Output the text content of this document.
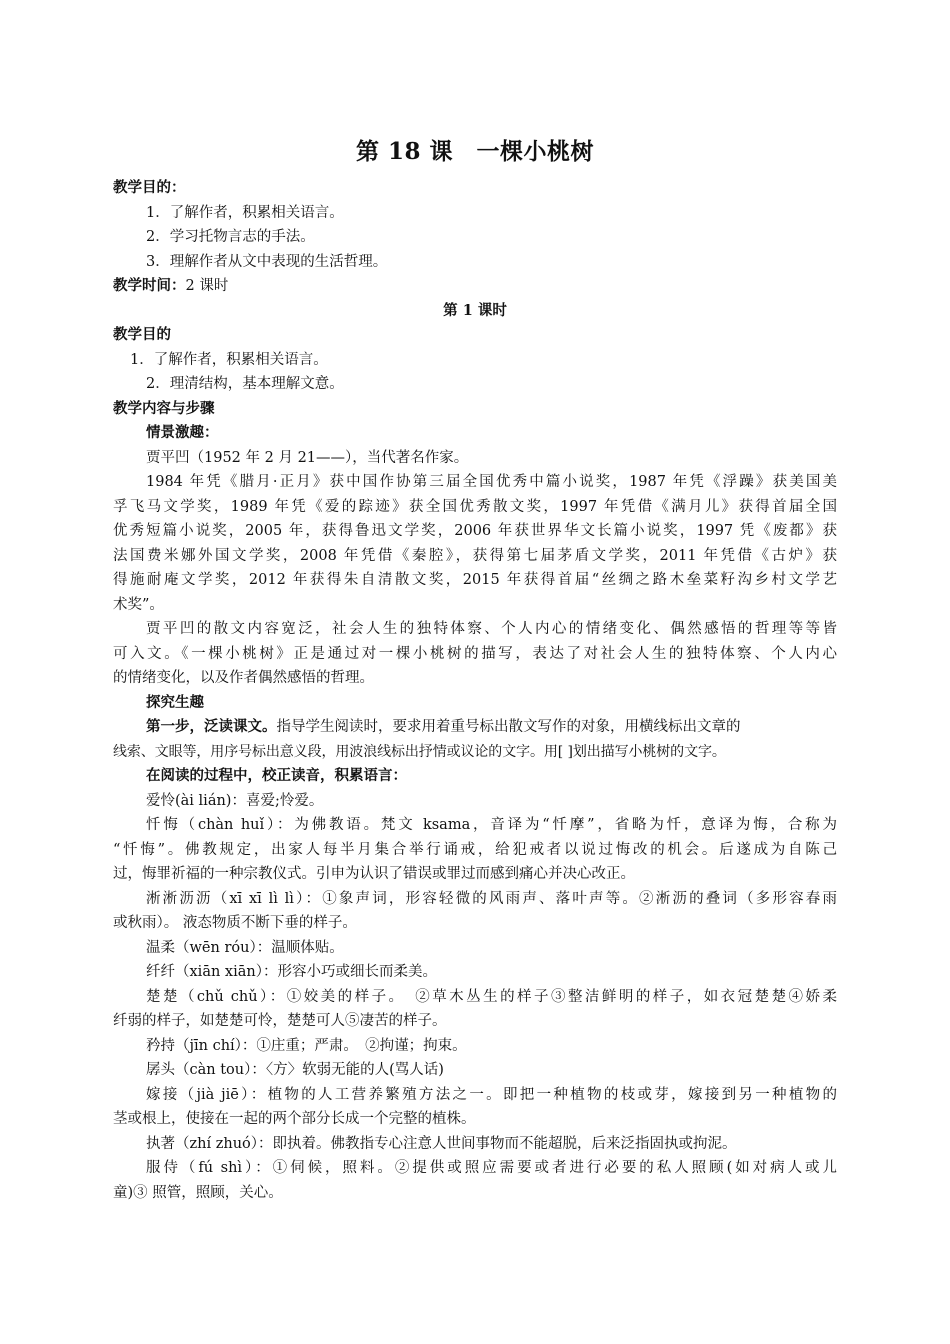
第 18 课　一棵小桃树
教学目的：
1．了解作者，积累相关语言。
2．学习托物言志的手法。
3．理解作者从文中表现的生活哲理。
教学时间：2 课时
第 1 课时
教学目的
1．了解作者，积累相关语言。
2．理清结构，基本理解文意。
教学内容与步骤
情景激趣：
贾平凹（1952 年 2 月 21——），当代著名作家。
1984 年凭《腊月·正月》获中国作协第三届全国优秀中篇小说奖，1987 年凭《浮躁》获美国美
孚飞马文学奖，1989 年凭《爱的踪迹》获全国优秀散文奖，1997 年凭借《满月儿》获得首届全国
优秀短篇小说奖，2005 年，获得鲁迅文学奖，2006 年获世界华文长篇小说奖，1997 凭《废都》获
法国费米娜外国文学奖，2008 年凭借《秦腔》，获得第七届茅盾文学奖，2011 年凭借《古炉》获
得施耐庵文学奖，2012 年获得朱自清散文奖，2015 年获得首届“丝绸之路木垒菜籽沟乡村文学艺
术奖”。
贾平凹的散文内容宽泛，社会人生的独特体察、个人内心的情绪变化、偶然感悟的哲理等等皆
可入文。《一棵小桃树》正是通过对一棵小桃树的描写，表达了对社会人生的独特体察、个人内心
的情绪变化，以及作者偶然感悟的哲理。
探究生趣
第一步，泛读课文。指导学生阅读时，要求用着重号标出散文写作的对象，用横线标出文章的
线索、文眼等，用序号标出意义段，用波浪线标出抒情或议论的文字。用[ ]划出描写小桃树的文字。
在阅读的过程中，校正读音，积累语言：
爱怜(ài lián)：喜爱;怜爱。
忏悔（chàn huǐ）：为佛教语。梵文 ksama，音译为“忏摩”，省略为忏，意译为悔，合称为
“忏悔”。佛教规定，出家人每半月集合举行诵戒，给犯戒者以说过悔改的机会。后遂成为自陈己
过，悔罪祈福的一种宗教仪式。引申为认识了错误或罪过而感到痛心并决心改正。
淅淅沥沥（xī xī lì lì）：①象声词，形容轻微的风雨声、落叶声等。②淅沥的叠词（多形容春雨
或秋雨）。 液态物质不断下垂的样子。
温柔（wēn róu）：温顺体贴。
纤纤（xiān xiān）：形容小巧或细长而柔美。
楚楚（chǔ chǔ）：①姣美的样子。　②草木丛生的样子③整洁鲜明的样子，如衣冠楚楚④娇柔
纤弱的样子，如楚楚可怜，楚楚可人⑤凄苦的样子。
矜持（jīn chí）：①庄重；严肃。　②拘谨；拘束。
孱头（càn tou）：〈方〉软弱无能的人(骂人话)
嫁接（jià jiē）：植物的人工营养繁殖方法之一。即把一种植物的枝或芽，嫁接到另一种植物的
茎或根上，使接在一起的两个部分长成一个完整的植株。
执著（zhí zhuó）：即执着。佛教指专心注意人世间事物而不能超脱，后来泛指固执或拘泥。
服侍（fú shì）：①伺候，照料。②提供或照应需要或者进行必要的私人照顾(如对病人或儿
童)③ 照管，照顾，关心。
